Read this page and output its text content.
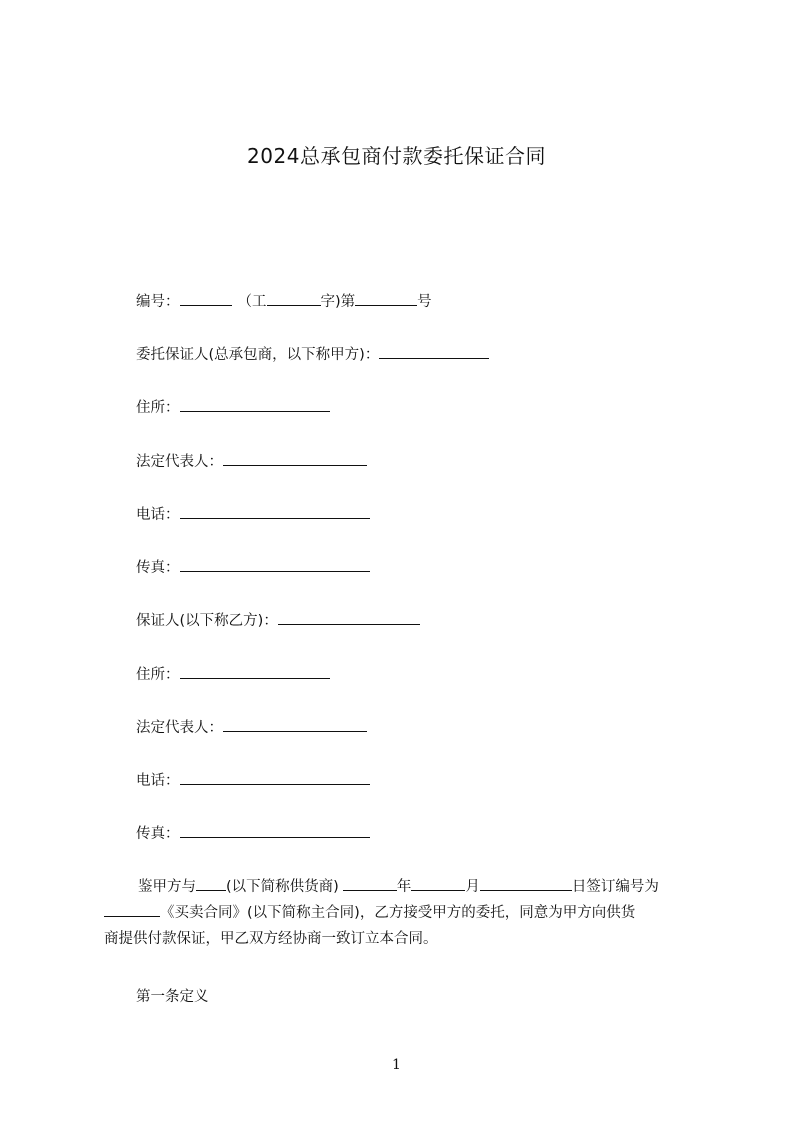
2024总承包商付款委托保证合同
编号：	（工	字)第	号
委托保证人(总承包商，以下称甲方)：
住所：
法定代表人：
电话：
传真：
保证人(以下称乙方)：
住所：
法定代表人：
电话：
传真：
鉴甲方与 (以下简称供货商)	年	月	日签订编号为
《买卖合同》(以下简称主合同)，乙方接受甲方的委托，同意为甲方向供货
商提供付款保证，甲乙双方经协商一致订立本合同。
第一条定义
1
